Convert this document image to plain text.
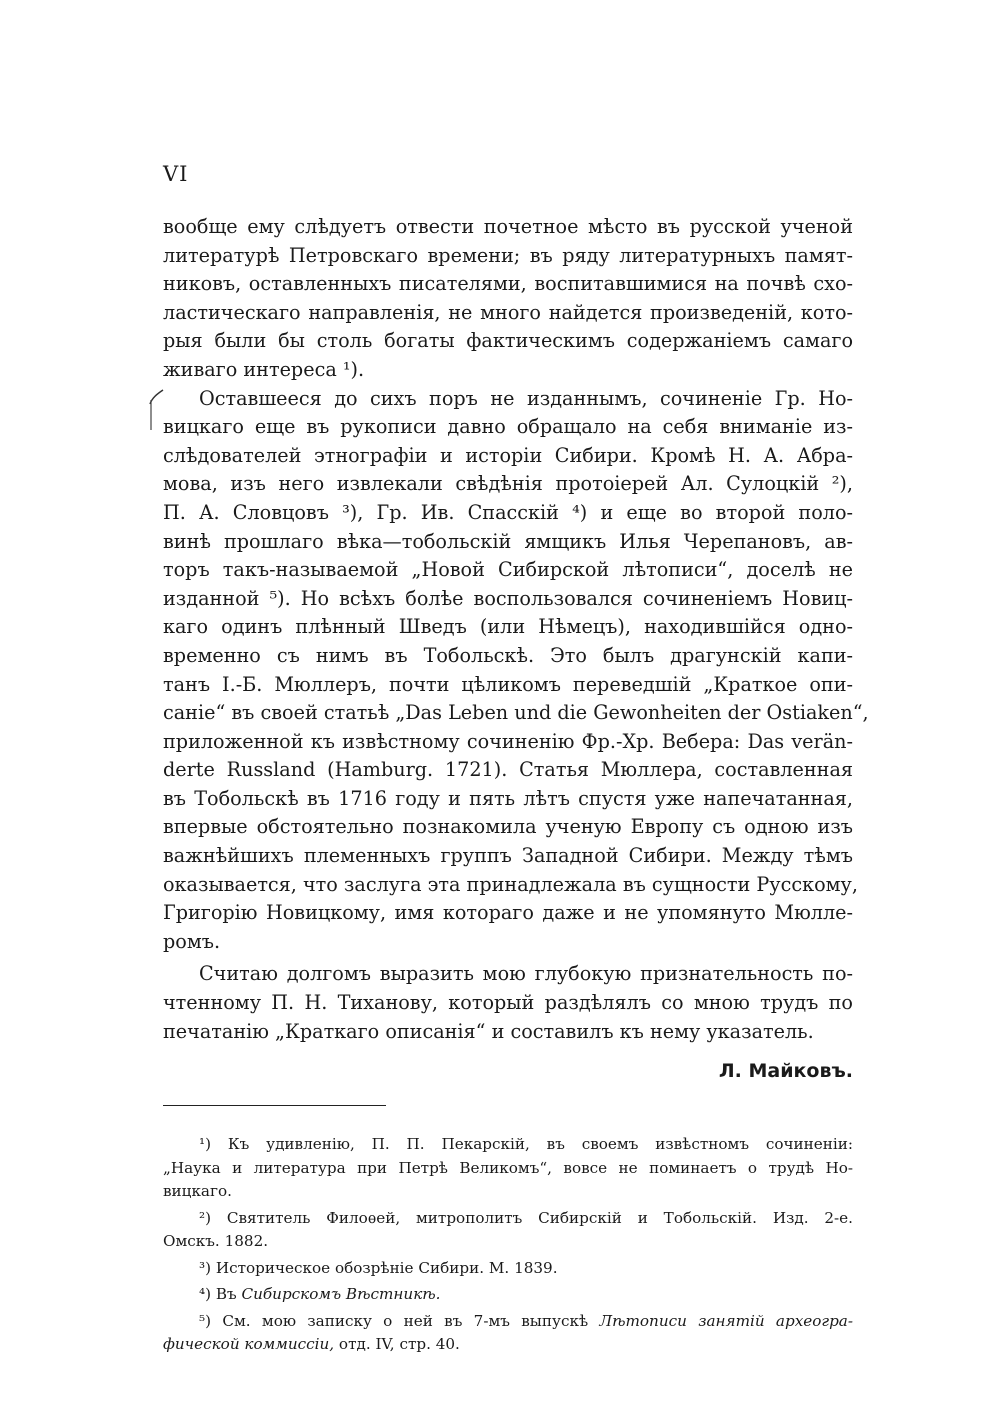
VI
вообще ему слѣдуетъ отвести почетное мѣсто въ русской ученой
литературѣ Петровскаго времени; въ ряду литературныхъ памят-
никовъ, оставленныхъ писателями, воспитавшимися на почвѣ схо-
ластическаго направленія, не много найдется произведеній, кото-
рыя были бы столь богаты фактическимъ содержаніемъ самаго
живаго интереса ¹).
Оставшееся до сихъ поръ не изданнымъ, сочиненіе Гр. Но-
вицкаго еще въ рукописи давно обращало на себя вниманіе из-
слѣдователей этнографіи и исторіи Сибири. Кромѣ Н. А. Абра-
мова, изъ него извлекали свѣдѣнія протоіерей Ал. Сулоцкій ²),
П. А. Словцовъ ³), Гр. Ив. Спасскій ⁴) и еще во второй поло-
винѣ прошлаго вѣка—тобольскій ямщикъ Илья Черепановъ, ав-
торъ такъ-называемой „Новой Сибирской лѣтописи“, доселѣ не
изданной ⁵). Но всѣхъ болѣе воспользовался сочиненіемъ Новиц-
каго одинъ плѣнный Шведъ (или Нѣмецъ), находившійся одно-
временно съ нимъ въ Тобольскѣ. Это былъ драгунскій капи-
танъ I.-Б. Мюллеръ, почти цѣликомъ переведшій „Краткое опи-
саніе“ въ своей статьѣ „Das Leben und die Gewonheiten der Ostiaken“,
приложенной къ извѣстному сочиненію Фр.-Хр. Вебера: Das verän-
derte Russland (Hamburg. 1721). Статья Мюллера, составленная
въ Тобольскѣ въ 1716 году и пять лѣтъ спустя уже напечатанная,
впервые обстоятельно познакомила ученую Европу съ одною изъ
важнѣйшихъ племенныхъ группъ Западной Сибири. Между тѣмъ
оказывается, что заслуга эта принадлежала въ сущности Русскому,
Григорію Новицкому, имя котораго даже и не упомянуто Мюлле-
ромъ.
Считаю долгомъ выразить мою глубокую признательность по-
чтенному П. Н. Тиханову, который раздѣлялъ со мною трудъ по
печатанію „Краткаго описанія“ и составилъ къ нему указатель.
Л. Майковъ.
¹) Къ удивленію, П. П. Пекарскій, въ своемъ извѣстномъ сочиненіи:
„Наука и литература при Петрѣ Великомъ“, вовсе не поминаетъ о трудѣ Но-
вицкаго.
²) Святитель Филоѳей, митрополитъ Сибирскій и Тобольскій. Изд. 2-е.
Омскъ. 1882.
³) Историческое обозрѣніе Сибири. М. 1839.
⁴) Въ Сибирскомъ Вѣстникѣ.
⁵) См. мою записку о ней въ 7-мъ выпускѣ Лѣтописи занятій археогра-
фической коммиссіи, отд. IV, стр. 40.
